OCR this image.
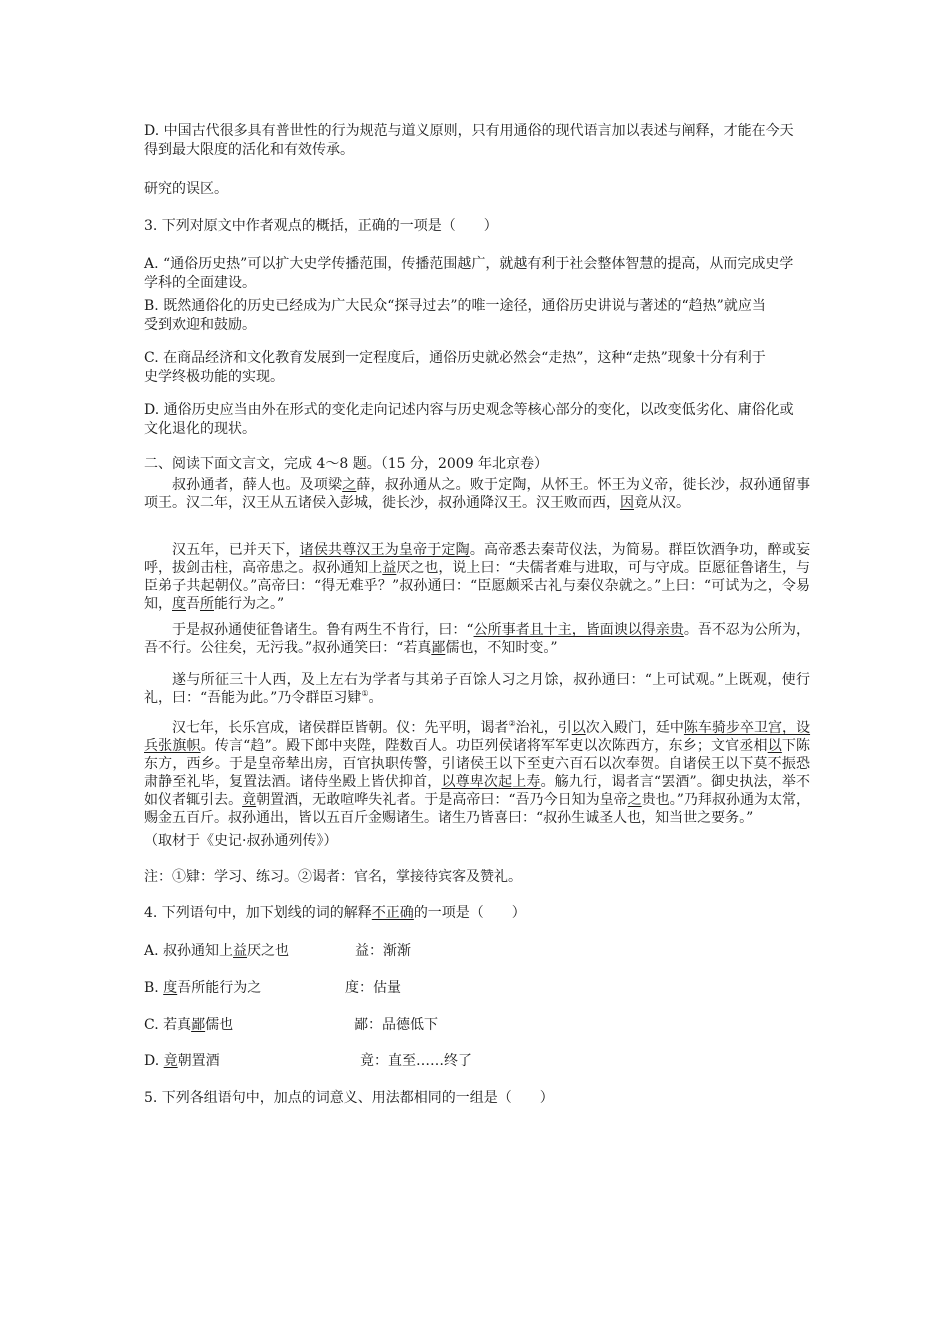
D. 中国古代很多具有普世性的行为规范与道义原则，只有用通俗的现代语言加以表述与阐释，才能在今天
得到最大限度的活化和有效传承。
研究的误区。
3. 下列对原文中作者观点的概括，正确的一项是（　　）
A. “通俗历史热”可以扩大史学传播范围，传播范围越广，就越有利于社会整体智慧的提高，从而完成史学
学科的全面建设。
B. 既然通俗化的历史已经成为广大民众“探寻过去”的唯一途径，通俗历史讲说与著述的“趋热”就应当
受到欢迎和鼓励。
C. 在商品经济和文化教育发展到一定程度后，通俗历史就必然会“走热”，这种“走热”现象十分有利于
史学终极功能的实现。
D. 通俗历史应当由外在形式的变化走向记述内容与历史观念等核心部分的变化，以改变低劣化、庸俗化或
文化退化的现状。
二、阅读下面文言文，完成 4～8 题。（15 分，2009 年北京卷）

叔孙通者，薛人也。及项梁之薛，叔孙通从之。败于定陶，从怀王。怀王为义帝，徙长沙，叔孙通留事项王。汉二年，汉王从五诸侯入彭城，徙长沙，叔孙通降汉王。汉王败而西，因竟从汉。

汉五年，已并天下，诸侯共尊汉王为皇帝于定陶。高帝悉去秦苛仪法，为简易。群臣饮酒争功，醉或妄呼，拔剑击柱，高帝患之。叔孙通知上益厌之也，说上曰：“夫儒者难与进取，可与守成。臣愿征鲁诸生，与臣弟子共起朝仪。”高帝曰：“得无难乎？”叔孙通曰：“臣愿颇采古礼与秦仪杂就之。”上曰：“可试为之，令易知，度吾所能行为之。”

于是叔孙通使征鲁诸生。鲁有两生不肯行，曰：“公所事者且十主，皆面谀以得亲贵。吾不忍为公所为，吾不行。公往矣，无污我。”叔孙通笑曰：“若真鄙儒也，不知时变。”

遂与所征三十人西，及上左右为学者与其弟子百馀人习之月馀，叔孙通曰：“上可试观。”上既观，使行礼，曰：“吾能为此。”乃令群臣习肄①。

汉七年，长乐宫成，诸侯群臣皆朝。仪：先平明，谒者②治礼，引以次入殿门，廷中陈车骑步卒卫宫，设兵张旗帜。传言“趋”。殿下郎中夹陛，陛数百人。功臣列侯诸将军军吏以次陈西方，东乡；文官丞相以下陈东方，西乡。于是皇帝辇出房，百官执职传警，引诸侯王以下至吏六百石以次奉贺。自诸侯王以下莫不振恐肃静至礼毕，复置法酒。诸侍坐殿上皆伏抑首，以尊卑次起上寿。觞九行，谒者言“罢酒”。御史执法，举不如仪者辄引去。竟朝置酒，无敢喧哗失礼者。于是高帝曰：“吾乃今日知为皇帝之贵也。”乃拜叔孙通为太常，赐金五百斤。叔孙通出，皆以五百斤金赐诸生。诸生乃皆喜曰：“叔孙生诚圣人也，知当世之要务。”

（取材于《史记·叔孙通列传》）
注：①肄：学习、练习。②谒者：官名，掌接待宾客及赞礼。
4. 下列语句中，加下划线的词的解释不正确的一项是（　　）
A. 叔孙通知上益厌之也	益：渐渐
B. 度吾所能行为之	度：估量
C. 若真鄙儒也	鄙：品德低下
D. 竟朝置酒	竟：直至……终了
5. 下列各组语句中，加点的词意义、用法都相同的一组是（　　）
